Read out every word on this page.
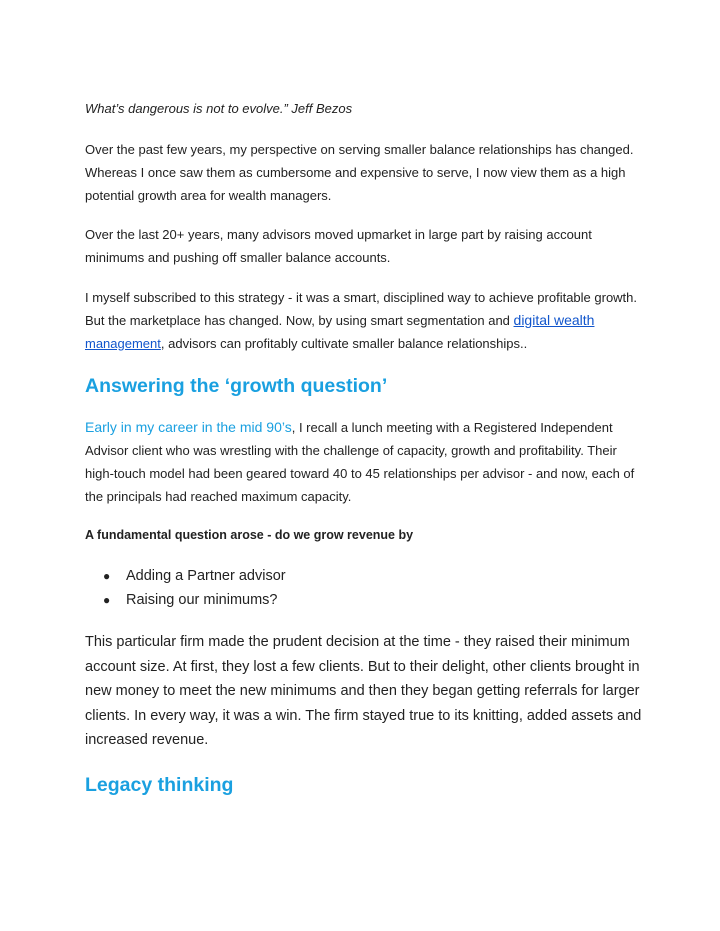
What’s dangerous is not to evolve.” Jeff Bezos

Over the past few years, my perspective on serving smaller balance relationships has changed. Whereas I once saw them as cumbersome and expensive to serve, I now view them as a high potential growth area for wealth managers.

Over the last 20+ years, many advisors moved upmarket in large part by raising account minimums and pushing off smaller balance accounts.

I myself subscribed to this strategy - it was a smart, disciplined way to achieve profitable growth. But the marketplace has changed. Now, by using smart segmentation and digital wealth
management, advisors can profitably cultivate smaller balance relationships..

Answering the ‘growth question’

Early in my career in the mid 90’s, I recall a lunch meeting with a Registered Independent Advisor client who was wrestling with the challenge of capacity, growth and profitability. Their high-touch model had been geared toward 40 to 45 relationships per advisor - and now, each of the principals had reached maximum capacity.

A fundamental question arose - do we grow revenue by

● Adding a Partner advisor
● Raising our minimums?

This particular firm made the prudent decision at the time - they raised their minimum account size. At first, they lost a few clients. But to their delight, other clients brought in new money to meet the new minimums and then they began getting referrals for larger clients. In every way, it was a win. The firm stayed true to its knitting, added assets and increased revenue.

Legacy thinking
